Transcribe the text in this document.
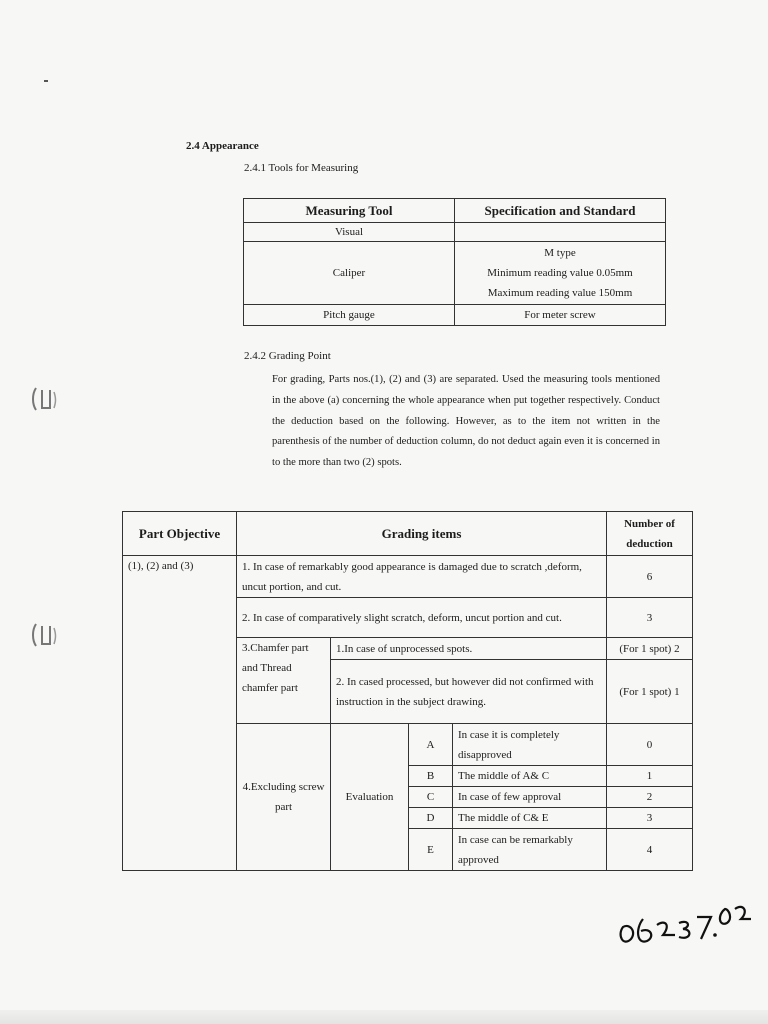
2.4 Appearance
2.4.1 Tools for Measuring
Measuring Tool	Specification and Standard
Visual	
Caliper	M type
Minimum reading value 0.05mm
Maximum reading value 150mm

Pitch gauge	For meter screw
2.4.2 Grading Point
For grading, Parts nos.(1), (2) and (3) are separated. Used the measuring tools mentioned in the above (a) concerning the whole appearance when put together respectively. Conduct the deduction based on the following. However, as to the item not written in the parenthesis of the number of deduction column, do not deduct again even it is concerned in to the more than two (2) spots.
Part Objective	Grading items				Number of deduction
(1), (2) and (3)	1. In case of remarkably good appearance is damaged due to scratch ,deform, uncut portion, and cut.				6
	2. In case of comparatively slight scratch, deform, uncut portion and cut.				3
	3.Chamfer part and Thread chamfer part	1.In case of unprocessed spots.			(For 1 spot) 2
		2. In cased processed, but however did not confirmed with instruction in the subject drawing.			(For 1 spot) 1
	4.Excluding screw part	Evaluation	A	In case it is completely disapproved	0
			B	The middle of A& C	1
			C	In case of few approval	2
			D	The middle of C& E	3
			E	In case can be remarkably approved	4
